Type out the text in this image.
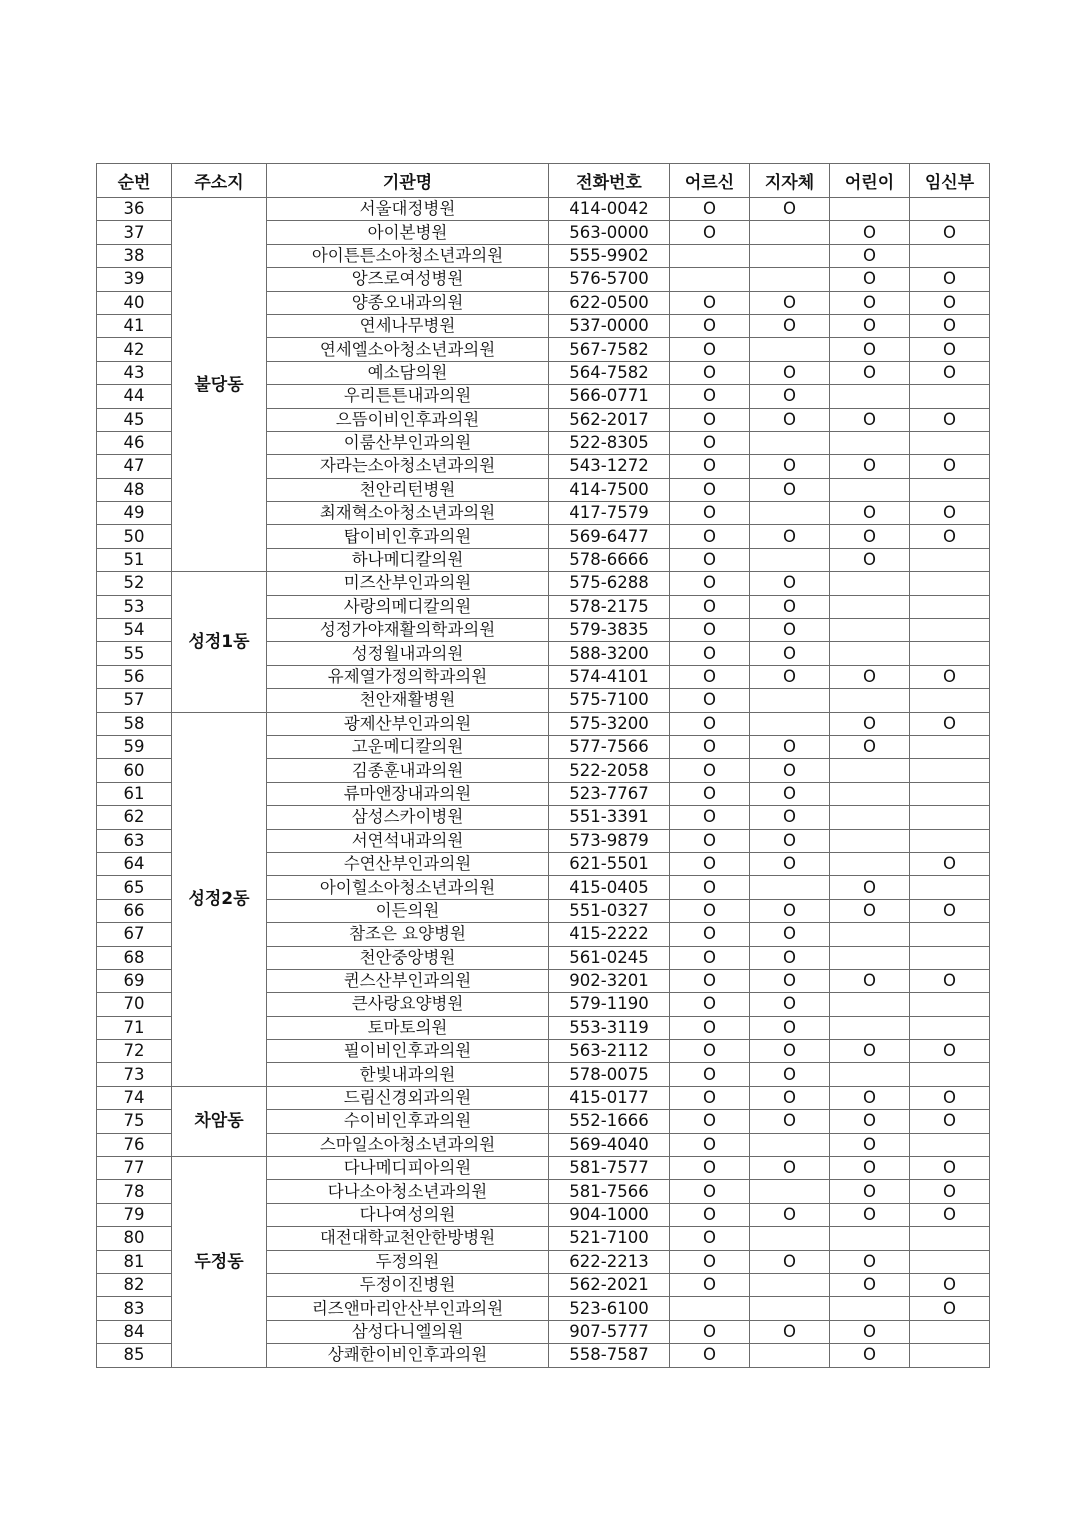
순번	주소지	기관명	전화번호	어르신	지자체	어린이	임신부
36	불당동	서울대정병원	414-0042	O	O		
37		아이본병원	563-0000	O		O	O
38		아이튼튼소아청소년과의원	555-9902			O	
39		앙즈로여성병원	576-5700			O	O
40		양종오내과의원	622-0500	O	O	O	O
41		연세나무병원	537-0000	O	O	O	O
42		연세엘소아청소년과의원	567-7582	O		O	O
43		예소담의원	564-7582	O	O	O	O
44		우리튼튼내과의원	566-0771	O	O		
45		으뜸이비인후과의원	562-2017	O	O	O	O
46		이룸산부인과의원	522-8305	O			
47		자라는소아청소년과의원	543-1272	O	O	O	O
48		천안리턴병원	414-7500	O	O		
49		최재혁소아청소년과의원	417-7579	O		O	O
50		탑이비인후과의원	569-6477	O	O	O	O
51		하나메디칼의원	578-6666	O		O	
52	성정1동	미즈산부인과의원	575-6288	O	O		
53		사랑의메디칼의원	578-2175	O	O		
54		성정가야재활의학과의원	579-3835	O	O		
55		성정월내과의원	588-3200	O	O		
56		유제열가정의학과의원	574-4101	O	O	O	O
57		천안재활병원	575-7100	O			
58	성정2동	광제산부인과의원	575-3200	O		O	O
59		고운메디칼의원	577-7566	O	O	O	
60		김종훈내과의원	522-2058	O	O		
61		류마앤장내과의원	523-7767	O	O		
62		삼성스카이병원	551-3391	O	O		
63		서연석내과의원	573-9879	O	O		
64		수연산부인과의원	621-5501	O	O		O
65		아이힐소아청소년과의원	415-0405	O		O	
66		이든의원	551-0327	O	O	O	O
67		참조은 요양병원	415-2222	O	O		
68		천안중앙병원	561-0245	O	O		
69		퀸스산부인과의원	902-3201	O	O	O	O
70		큰사랑요양병원	579-1190	O	O		
71		토마토의원	553-3119	O	O		
72		필이비인후과의원	563-2112	O	O	O	O
73		한빛내과의원	578-0075	O	O		
74	차암동	드림신경외과의원	415-0177	O	O	O	O
75		수이비인후과의원	552-1666	O	O	O	O
76		스마일소아청소년과의원	569-4040	O		O	
77	두정동	다나메디피아의원	581-7577	O	O	O	O
78		다나소아청소년과의원	581-7566	O		O	O
79		다나여성의원	904-1000	O	O	O	O
80		대전대학교천안한방병원	521-7100	O			
81		두정의원	622-2213	O	O	O	
82		두정이진병원	562-2021	O		O	O
83		리즈앤마리안산부인과의원	523-6100				O
84		삼성다니엘의원	907-5777	O	O	O	
85		상쾌한이비인후과의원	558-7587	O		O	
